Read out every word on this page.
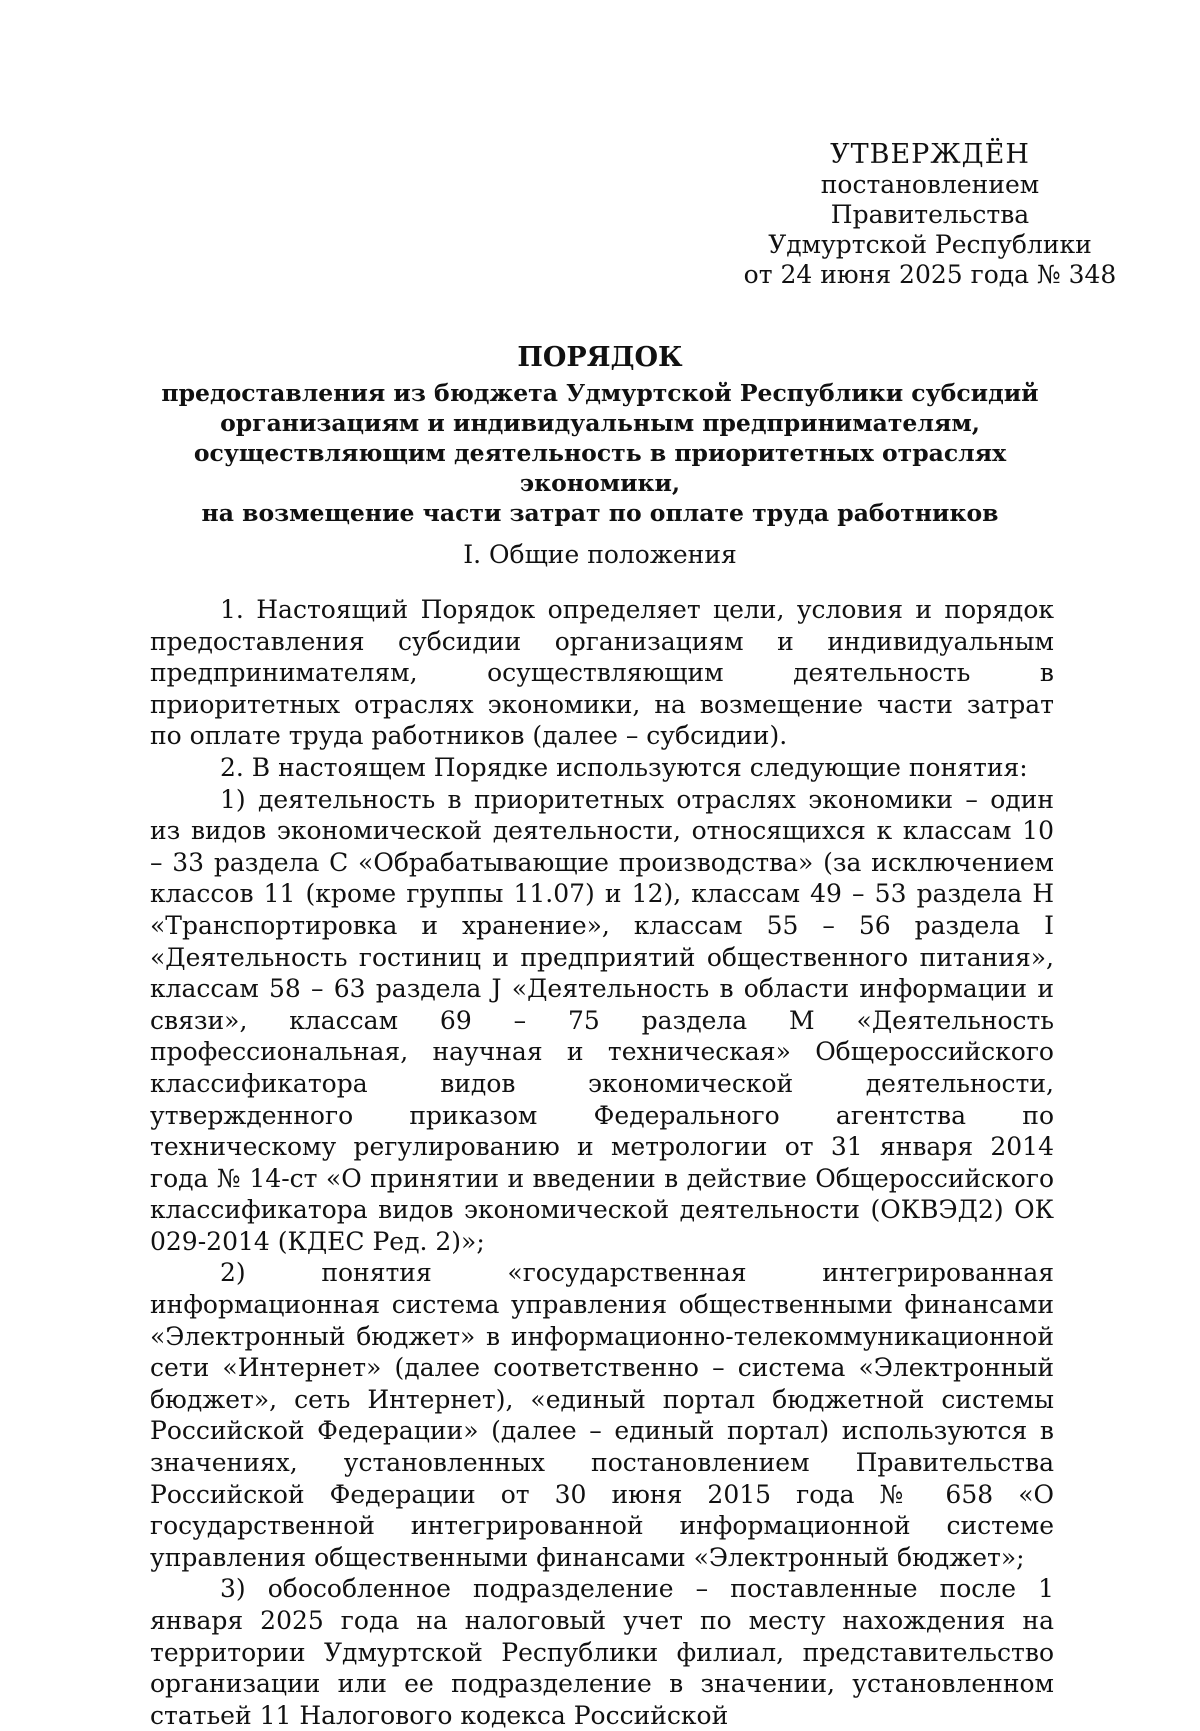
УТВЕРЖДЁН
постановлением Правительства
Удмуртской Республики
от 24 июня 2025 года № 348
ПОРЯДОК
предоставления из бюджета Удмуртской Республики субсидий
организациям и индивидуальным предпринимателям,
осуществляющим деятельность в приоритетных отраслях экономики,
на возмещение части затрат по оплате труда работников
I. Общие положения

1. Настоящий Порядок определяет цели, условия и порядок предоставления субсидии организациям и индивидуальным предпринимателям, осуществляющим деятельность в приоритетных отраслях экономики, на возмещение части затрат по оплате труда работников (далее – субсидии).

2. В настоящем Порядке используются следующие понятия:

1) деятельность в приоритетных отраслях экономики – один из видов экономической деятельности, относящихся к классам 10 – 33 раздела С «Обрабатывающие производства» (за исключением классов 11 (кроме группы 11.07) и 12), классам 49 – 53 раздела Н «Транспортировка и хранение», классам 55 – 56 раздела I «Деятельность гостиниц и предприятий общественного питания», классам 58 – 63 раздела J «Деятельность в области информации и связи», классам 69 – 75 раздела М «Деятельность профессиональная, научная и техническая» Общероссийского классификатора видов экономической деятельности, утвержденного приказом Федерального агентства по техническому регулированию и метрологии от 31 января 2014 года № 14-ст «О принятии и введении в действие Общероссийского классификатора видов экономической деятельности (ОКВЭД2) ОК 029-2014 (КДЕС Ред. 2)»;

2) понятия «государственная интегрированная информационная система управления общественными финансами «Электронный бюджет» в информационно-телекоммуникационной сети «Интернет» (далее соответственно – система «Электронный бюджет», сеть Интернет), «единый портал бюджетной системы Российской Федерации» (далее – единый портал) используются в значениях, установленных постановлением Правительства Российской Федерации от 30 июня 2015 года № 658 «О государственной интегрированной информационной системе управления общественными финансами «Электронный бюджет»;

3) обособленное подразделение – поставленные после 1 января 2025 года на налоговый учет по месту нахождения на территории Удмуртской Республики филиал, представительство организации или ее подразделение в значении, установленном статьей 11 Налогового кодекса Российской
